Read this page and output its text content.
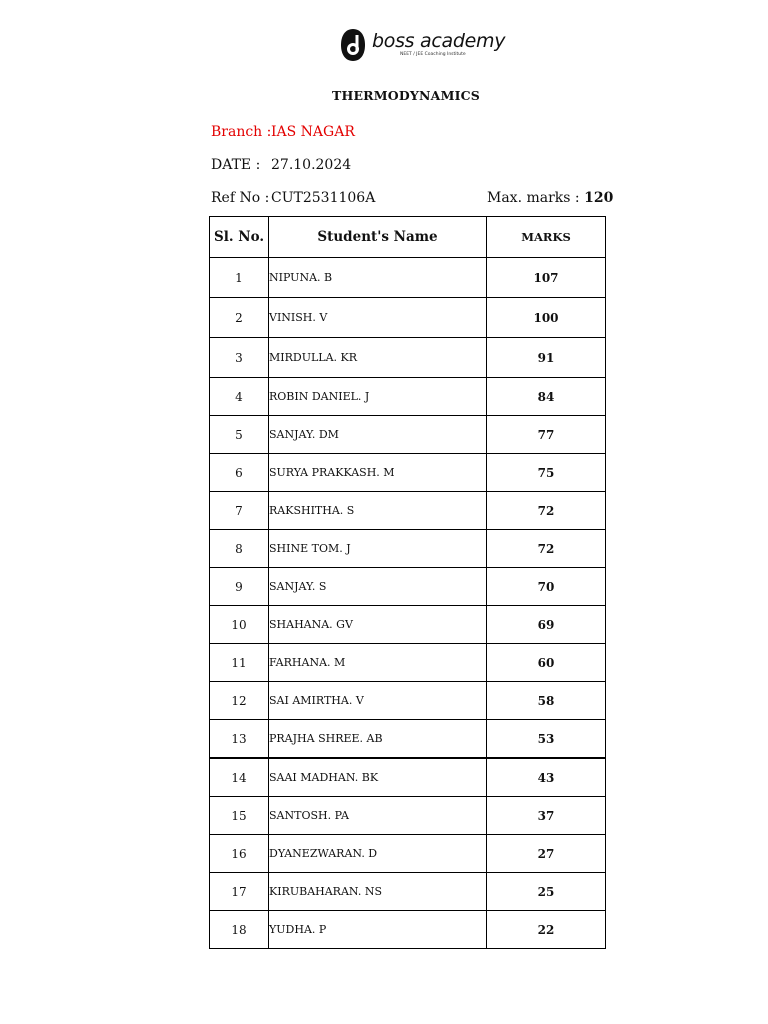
boss academy
NEET / JEE Coaching Institute
THERMODYNAMICS
Branch :IAS NAGAR
DATE : 27.10.2024
Ref No : CUT2531106A	Max. marks : 120
Sl. No.	Student's Name	MARKS
1	NIPUNA. B	107
2	VINISH. V	100
3	MIRDULLA. KR	91
4	ROBIN DANIEL. J	84
5	SANJAY. DM	77
6	SURYA PRAKKASH. M	75
7	RAKSHITHA. S	72
8	SHINE TOM. J	72
9	SANJAY. S	70
10	SHAHANA. GV	69
11	FARHANA. M	60
12	SAI AMIRTHA. V	58
13	PRAJHA SHREE. AB	53
14	SAAI MADHAN. BK	43
15	SANTOSH. PA	37
16	DYANEZWARAN. D	27
17	KIRUBAHARAN. NS	25
18	YUDHA. P	22
